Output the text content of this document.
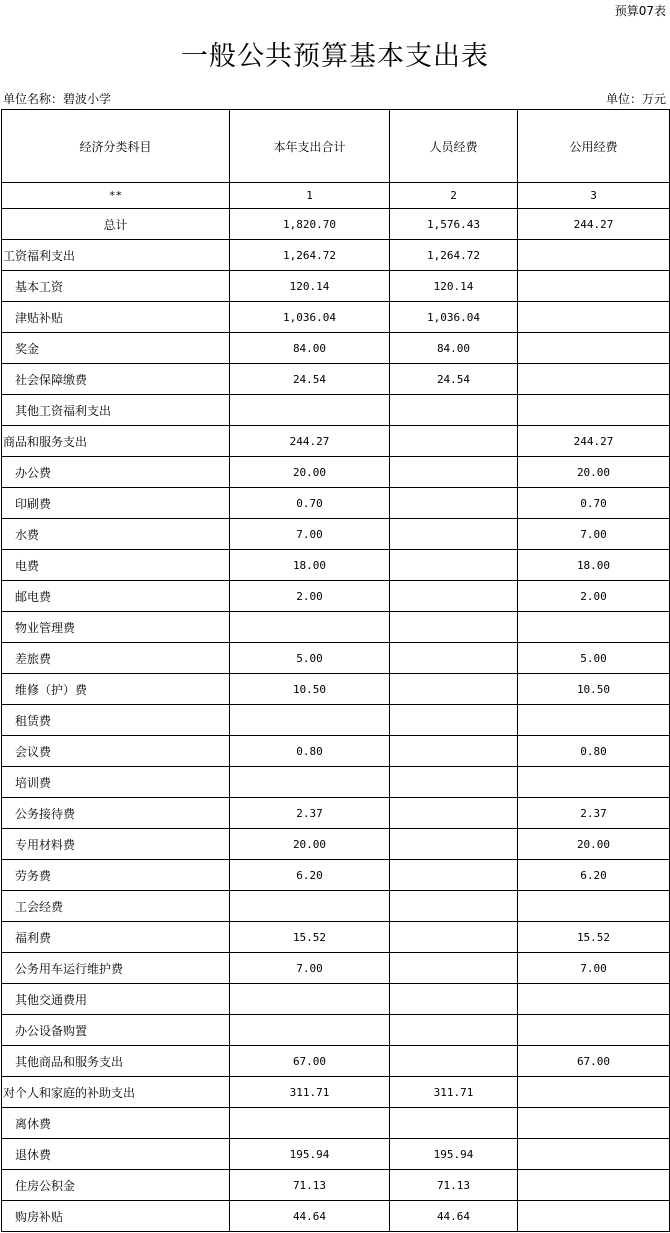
预算07表
一般公共预算基本支出表
单位名称：碧波小学	单位：万元
经济分类科目	本年支出合计	人员经费	公用经费
**	1	2	3
总计	1,820.70	1,576.43	244.27
工资福利支出	1,264.72	1,264.72	
基本工资	120.14	120.14	
津贴补贴	1,036.04	1,036.04	
奖金	84.00	84.00	
社会保障缴费	24.54	24.54	
其他工资福利支出			
商品和服务支出	244.27		244.27
办公费	20.00		20.00
印刷费	0.70		0.70
水费	7.00		7.00
电费	18.00		18.00
邮电费	2.00		2.00
物业管理费			
差旅费	5.00		5.00
维修（护）费	10.50		10.50
租赁费			
会议费	0.80		0.80
培训费			
公务接待费	2.37		2.37
专用材料费	20.00		20.00
劳务费	6.20		6.20
工会经费			
福利费	15.52		15.52
公务用车运行维护费	7.00		7.00
其他交通费用			
办公设备购置			
其他商品和服务支出	67.00		67.00
对个人和家庭的补助支出	311.71	311.71	
离休费			
退休费	195.94	195.94	
住房公积金	71.13	71.13	
购房补贴	44.64	44.64	
